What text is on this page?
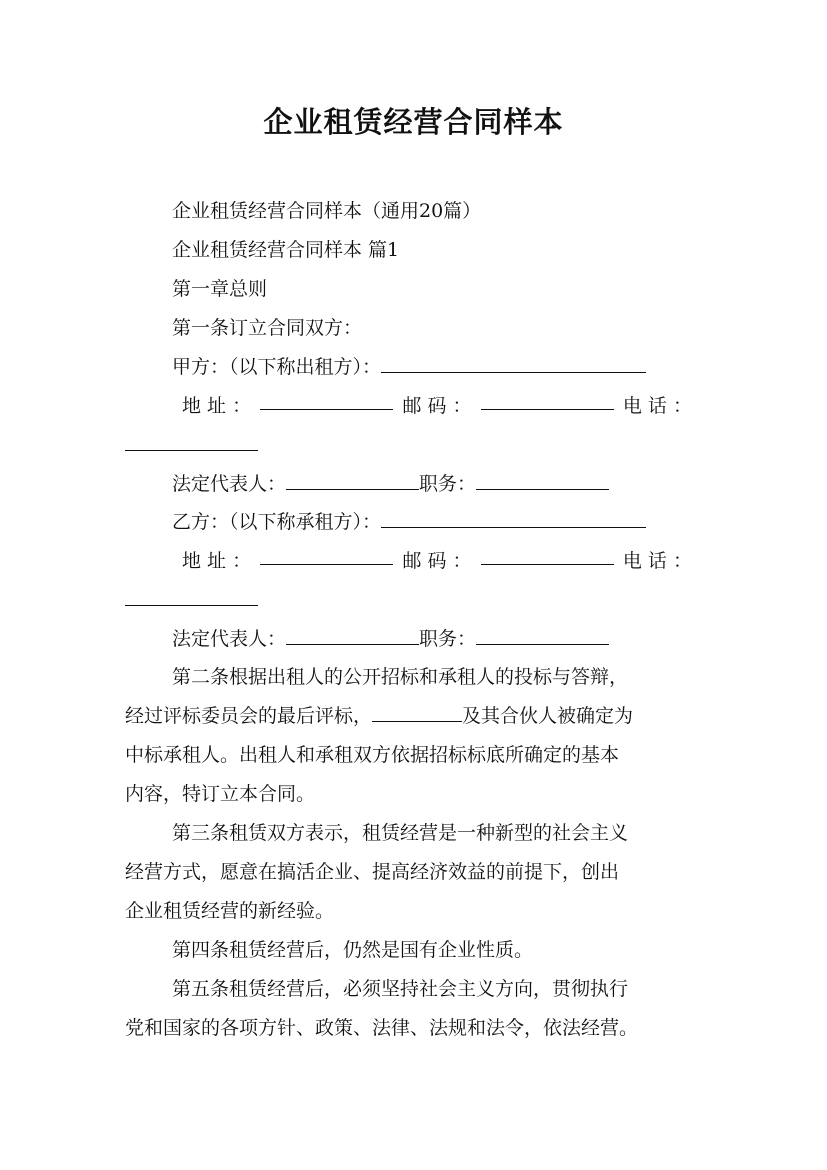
企业租赁经营合同样本

企业租赁经营合同样本（通用20篇）

企业租赁经营合同样本 篇1

第一章总则

第一条订立合同双方：

甲方：（以下称出租方）：

地 址 ：	邮 码 ：	电 话 ：

法定代表人：	职务：

乙方：（以下称承租方）：

地 址 ：	邮 码 ：	电 话 ：

法定代表人：	职务：

第二条根据出租人的公开招标和承租人的投标与答辩，

经过评标委员会的最后评标，	及其合伙人被确定为

中标承租人。出租人和承租双方依据招标标底所确定的基本

内容，特订立本合同。

第三条租赁双方表示，租赁经营是一种新型的社会主义

经营方式，愿意在搞活企业、提高经济效益的前提下，创出

企业租赁经营的新经验。

第四条租赁经营后，仍然是国有企业性质。

第五条租赁经营后，必须坚持社会主义方向，贯彻执行

党和国家的各项方针、政策、法律、法规和法令，依法经营。
